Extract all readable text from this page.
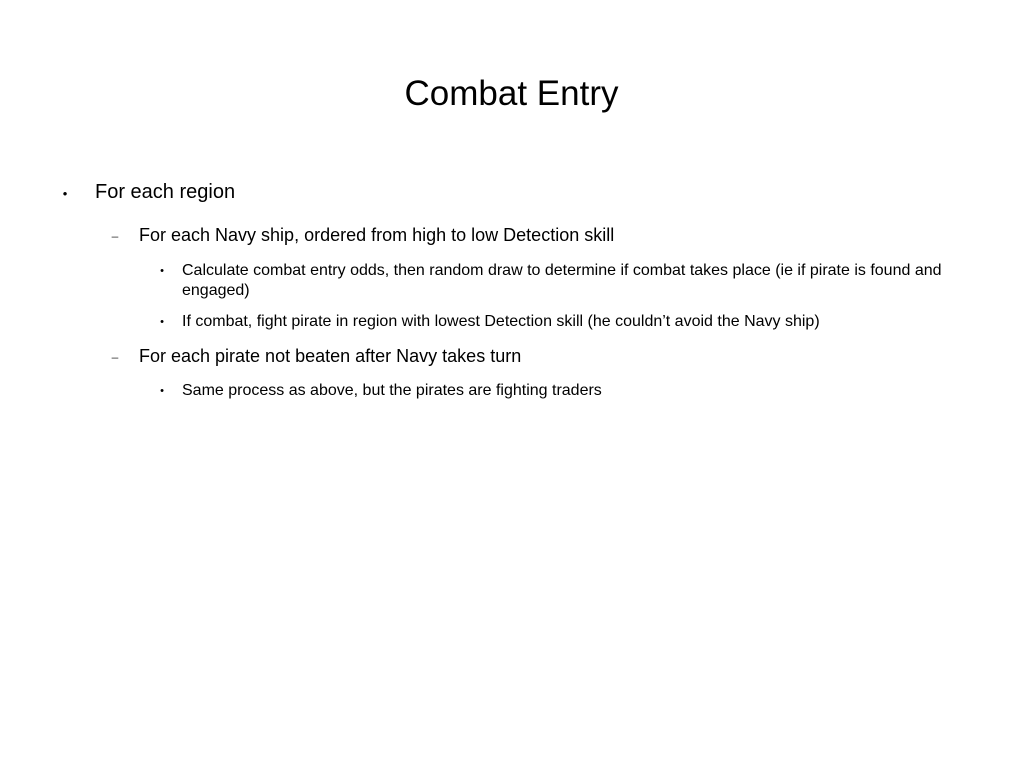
Combat Entry
• For each region
– For each Navy ship, ordered from high to low Detection skill
•	Calculate combat entry odds, then random draw to determine if combat takes place (ie if pirate is found and engaged)
•	If combat, fight pirate in region with lowest Detection skill (he couldn’t avoid the Navy ship)
– For each pirate not beaten after Navy takes turn
•	Same process as above, but the pirates are fighting traders
